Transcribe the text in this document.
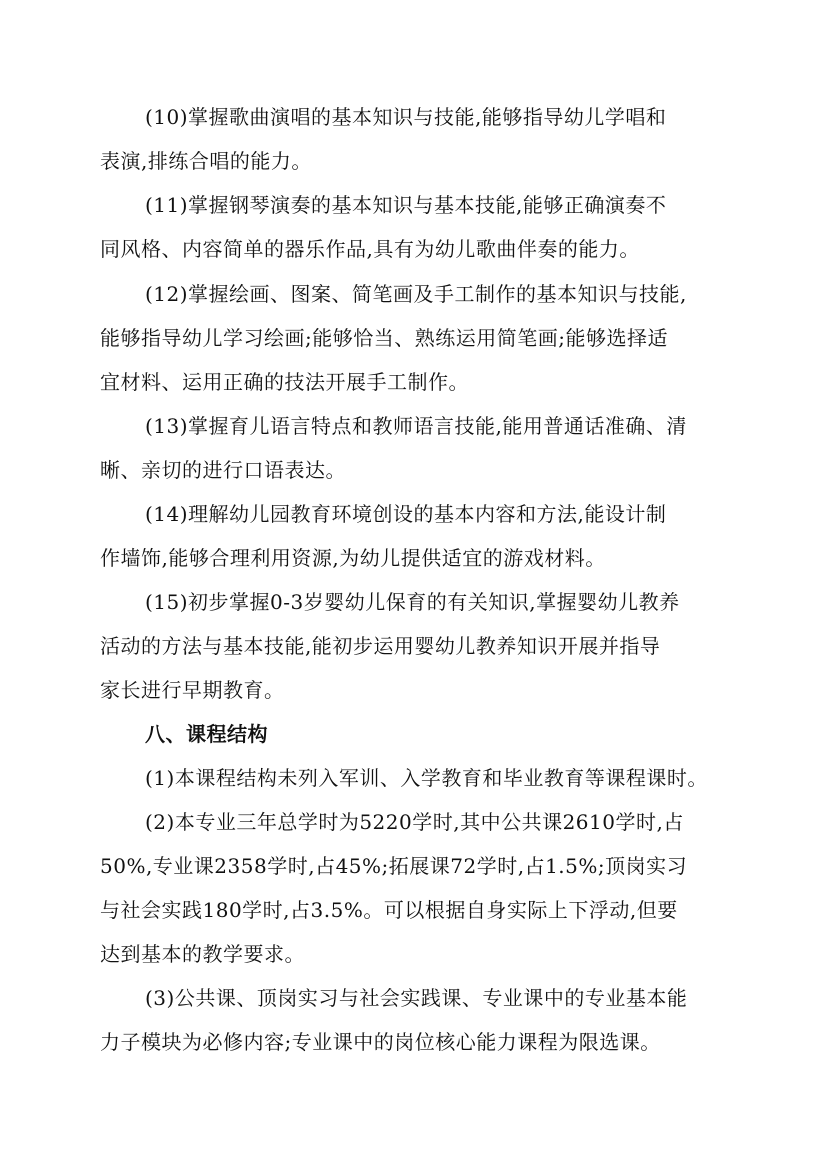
(10)掌握歌曲演唱的基本知识与技能,能够指导幼儿学唱和
表演,排练合唱的能力。
(11)掌握钢琴演奏的基本知识与基本技能,能够正确演奏不
同风格、内容简单的器乐作品,具有为幼儿歌曲伴奏的能力。
(12)掌握绘画、图案、简笔画及手工制作的基本知识与技能,
能够指导幼儿学习绘画;能够恰当、熟练运用简笔画;能够选择适
宜材料、运用正确的技法开展手工制作。
(13)掌握育儿语言特点和教师语言技能,能用普通话准确、清
晰、亲切的进行口语表达。
(14)理解幼儿园教育环境创设的基本内容和方法,能设计制
作墙饰,能够合理利用资源,为幼儿提供适宜的游戏材料。
(15)初步掌握0-3岁婴幼儿保育的有关知识,掌握婴幼儿教养
活动的方法与基本技能,能初步运用婴幼儿教养知识开展并指导
家长进行早期教育。
八、课程结构
(1)本课程结构未列入军训、入学教育和毕业教育等课程课时。
(2)本专业三年总学时为5220学时,其中公共课2610学时,占
50%,专业课2358学时,占45%;拓展课72学时,占1.5%;顶岗实习
与社会实践180学时,占3.5%。可以根据自身实际上下浮动,但要
达到基本的教学要求。
(3)公共课、顶岗实习与社会实践课、专业课中的专业基本能
力子模块为必修内容;专业课中的岗位核心能力课程为限选课。
